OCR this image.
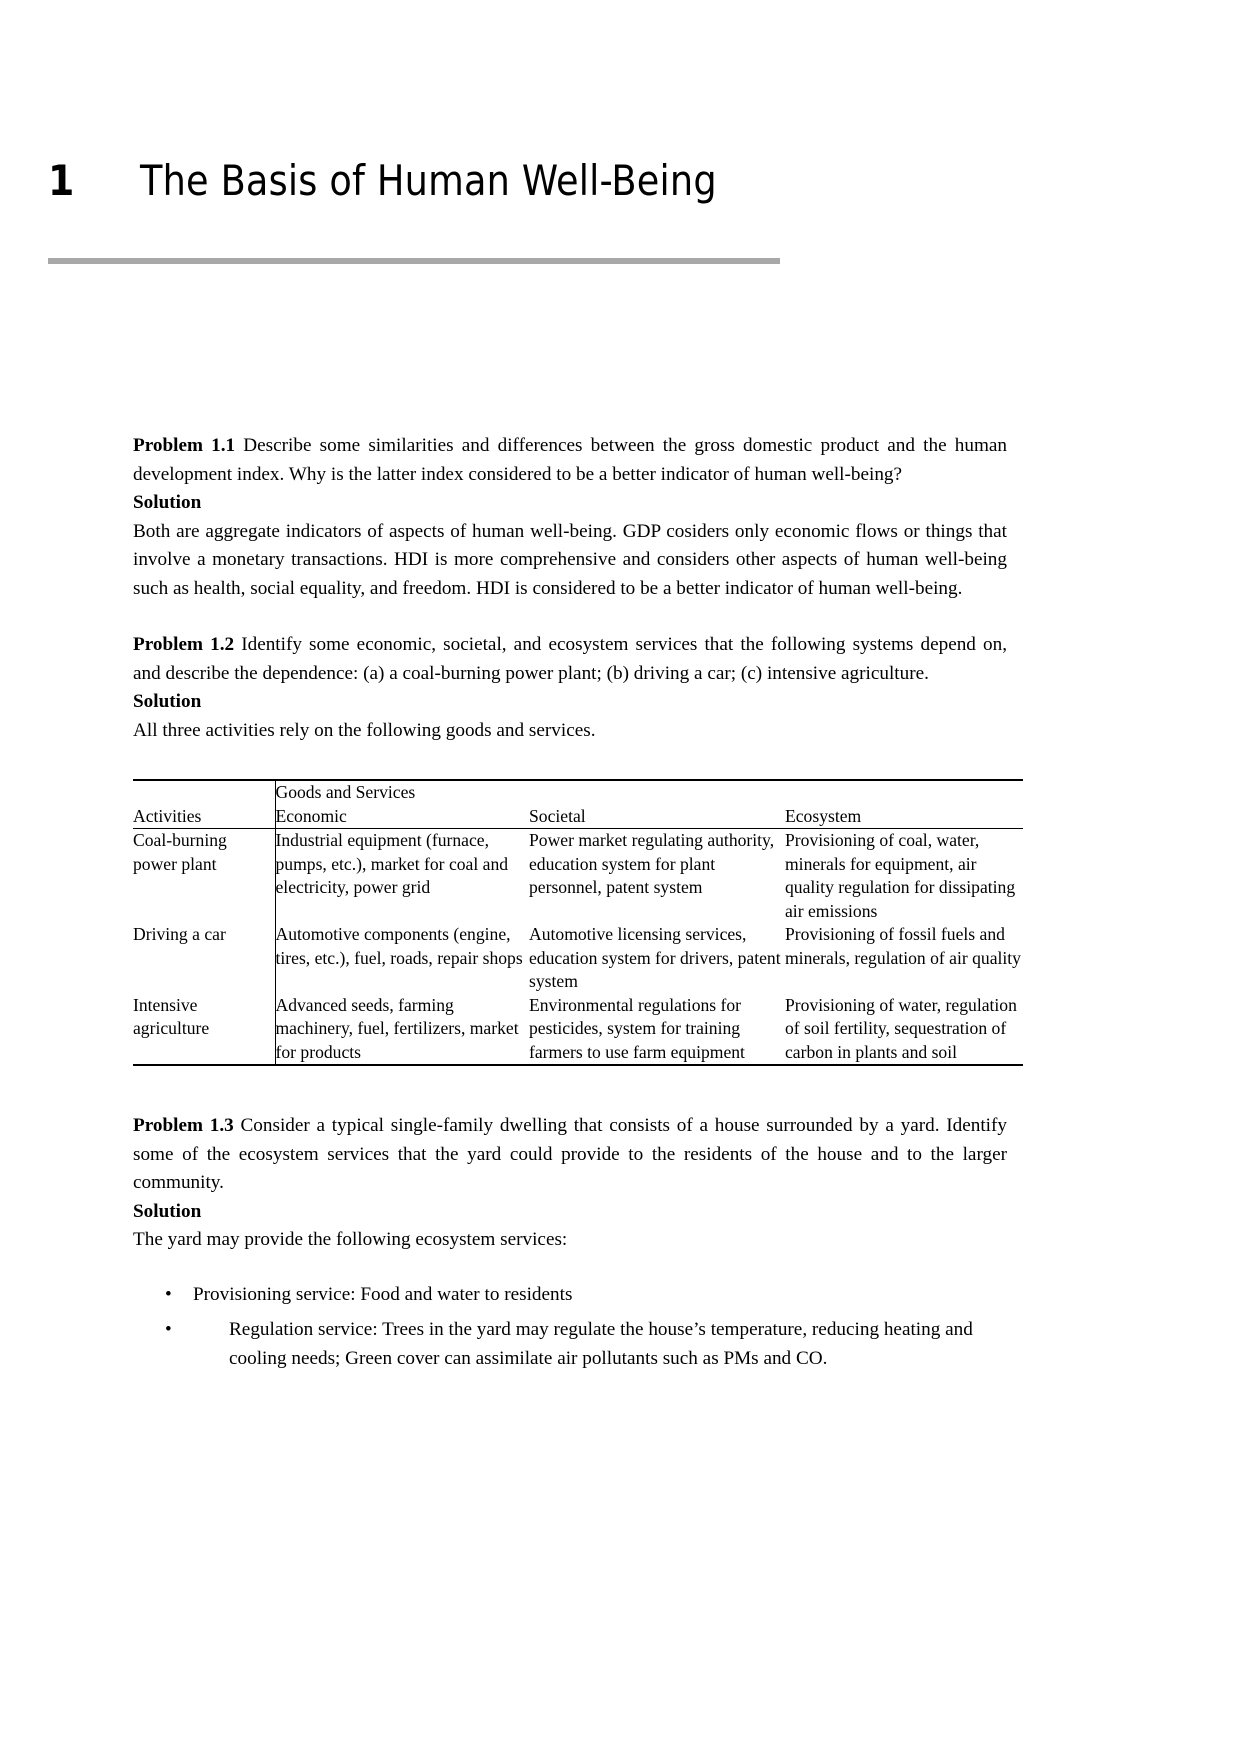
1	The Basis of Human Well-Being

Problem 1.1 Describe some similarities and differences between the gross domestic product and the human development index. Why is the latter index considered to be a better indicator of human well-being?

Solution

Both are aggregate indicators of aspects of human well-being. GDP cosiders only economic flows or things that involve a monetary transactions. HDI is more comprehensive and considers other aspects of human well-being such as health, social equality, and freedom. HDI is considered to be a better indicator of human well-being.

Problem 1.2 Identify some economic, societal, and ecosystem services that the following systems depend on, and describe the dependence: (a) a coal-burning power plant; (b) driving a car; (c) intensive agriculture.

Solution

All three activities rely on the following goods and services.

		Goods and Services		
Activities		Economic	Societal	Ecosystem
Coal-burning power plant		Industrial equipment (furnace, pumps, etc.), market for coal and electricity, power grid	Power market regulating authority, education system for plant personnel, patent system	Provisioning of coal, water, minerals for equipment, air quality regulation for dissipating air emissions
Driving a car		Automotive components (engine, tires, etc.), fuel, roads, repair shops	Automotive licensing services, education system for drivers, patent system	Provisioning of fossil fuels and minerals, regulation of air quality
Intensive agriculture		Advanced seeds, farming machinery, fuel, fertilizers, market for products	Environmental regulations for pesticides, system for training farmers to use farm equipment	Provisioning of water, regulation of soil fertility, sequestration of carbon in plants and soil

Problem 1.3 Consider a typical single-family dwelling that consists of a house surrounded by a yard. Identify some of the ecosystem services that the yard could provide to the residents of the house and to the larger community.

Solution

The yard may provide the following ecosystem services:

• Provisioning service: Food and water to residents
•	Regulation service: Trees in the yard may regulate the house’s temperature, reducing heating and cooling needs; Green cover can assimilate air pollutants such as PMs and CO.
